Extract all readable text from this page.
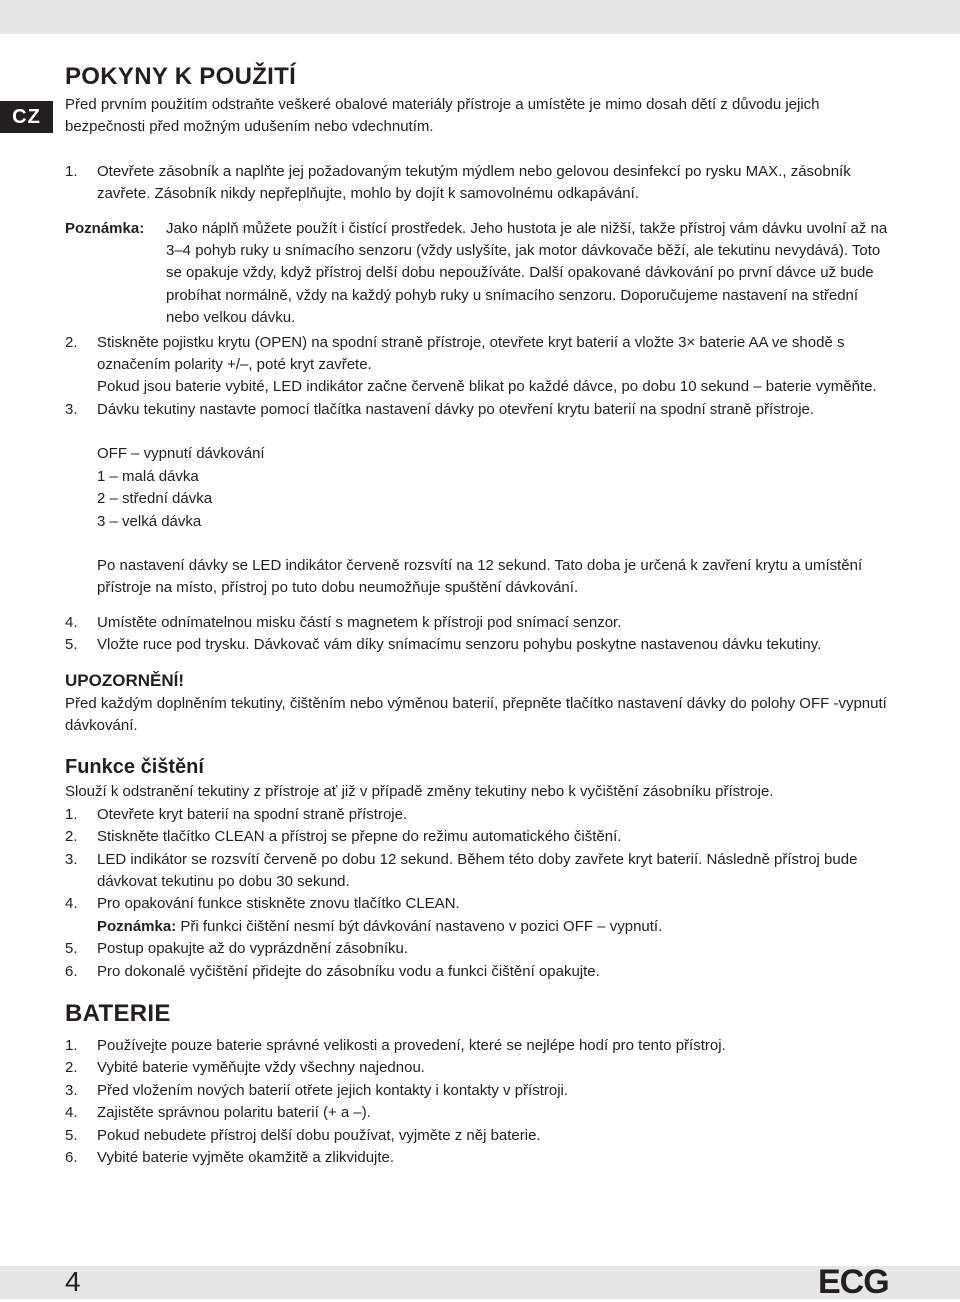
CZ
POKYNY K POUŽITÍ

Před prvním použitím odstraňte veškeré obalové materiály přístroje a umístěte je mimo dosah dětí z důvodu jejich bezpečnosti před možným udušením nebo vdechnutím.

1.	Otevřete zásobník a naplňte jej požadovaným tekutým mýdlem nebo gelovou desinfekcí po rysku MAX., zásobník zavřete. Zásobník nikdy nepřeplňujte, mohlo by dojít k samovolnému odkapávání.
Poznámka:	Jako náplň můžete použít i čistící prostředek. Jeho hustota je ale nižší, takže přístroj vám dávku uvolní až na 3–4 pohyb ruky u snímacího senzoru (vždy uslyšíte, jak motor dávkovače běží, ale tekutinu nevydává). Toto se opakuje vždy, když přístroj delší dobu nepoužíváte. Další opakované dávkování po první dávce už bude probíhat normálně, vždy na každý pohyb ruky u snímacího senzoru. Doporučujeme nastavení na střední nebo velkou dávku.
2.	Stiskněte pojistku krytu (OPEN) na spodní straně přístroje, otevřete kryt baterií a vložte 3× baterie AA ve shodě s označením polarity +/–, poté kryt zavřete.

Pokud jsou baterie vybité, LED indikátor začne červeně blikat po každé dávce, po dobu 10 sekund – baterie vyměňte.

3.	Dávku tekutiny nastavte pomocí tlačítka nastavení dávky po otevření krytu baterií na spodní straně přístroje.

OFF – vypnutí dávkování

1 – malá dávka

2 – střední dávka

3 – velká dávka

Po nastavení dávky se LED indikátor červeně rozsvítí na 12 sekund. Tato doba je určená k zavření krytu a umístění přístroje na místo, přístroj po tuto dobu neumožňuje spuštění dávkování.

4.	Umístěte odnímatelnou misku částí s magnetem k přístroji pod snímací senzor.
5.	Vložte ruce pod trysku. Dávkovač vám díky snímacímu senzoru pohybu poskytne nastavenou dávku tekutiny.
UPOZORNĚNÍ!

Před každým doplněním tekutiny, čištěním nebo výměnou baterií, přepněte tlačítko nastavení dávky do polohy OFF -vypnutí dávkování.

Funkce čištění

Slouží k odstranění tekutiny z přístroje ať již v případě změny tekutiny nebo k vyčištění zásobníku přístroje.

1.	Otevřete kryt baterií na spodní straně přístroje.
2.	Stiskněte tlačítko CLEAN a přístroj se přepne do režimu automatického čištění.
3.	LED indikátor se rozsvítí červeně po dobu 12 sekund. Během této doby zavřete kryt baterií. Následně přístroj bude dávkovat tekutinu po dobu 30 sekund.
4.	Pro opakování funkce stiskněte znovu tlačítko CLEAN.

Poznámka: Při funkci čištění nesmí být dávkování nastaveno v pozici OFF – vypnutí.

5.	Postup opakujte až do vyprázdnění zásobníku.
6.	Pro dokonalé vyčištění přidejte do zásobníku vodu a funkci čištění opakujte.
BATERIE
1.	Používejte pouze baterie správné velikosti a provedení, které se nejlépe hodí pro tento přístroj.
2.	Vybité baterie vyměňujte vždy všechny najednou.
3.	Před vložením nových baterií otřete jejich kontakty i kontakty v přístroji.
4.	Zajistěte správnou polaritu baterií (+ a –).
5.	Pokud nebudete přístroj delší dobu používat, vyjměte z něj baterie.
6.	Vybité baterie vyjměte okamžitě a zlikvidujte.
4	ECG
